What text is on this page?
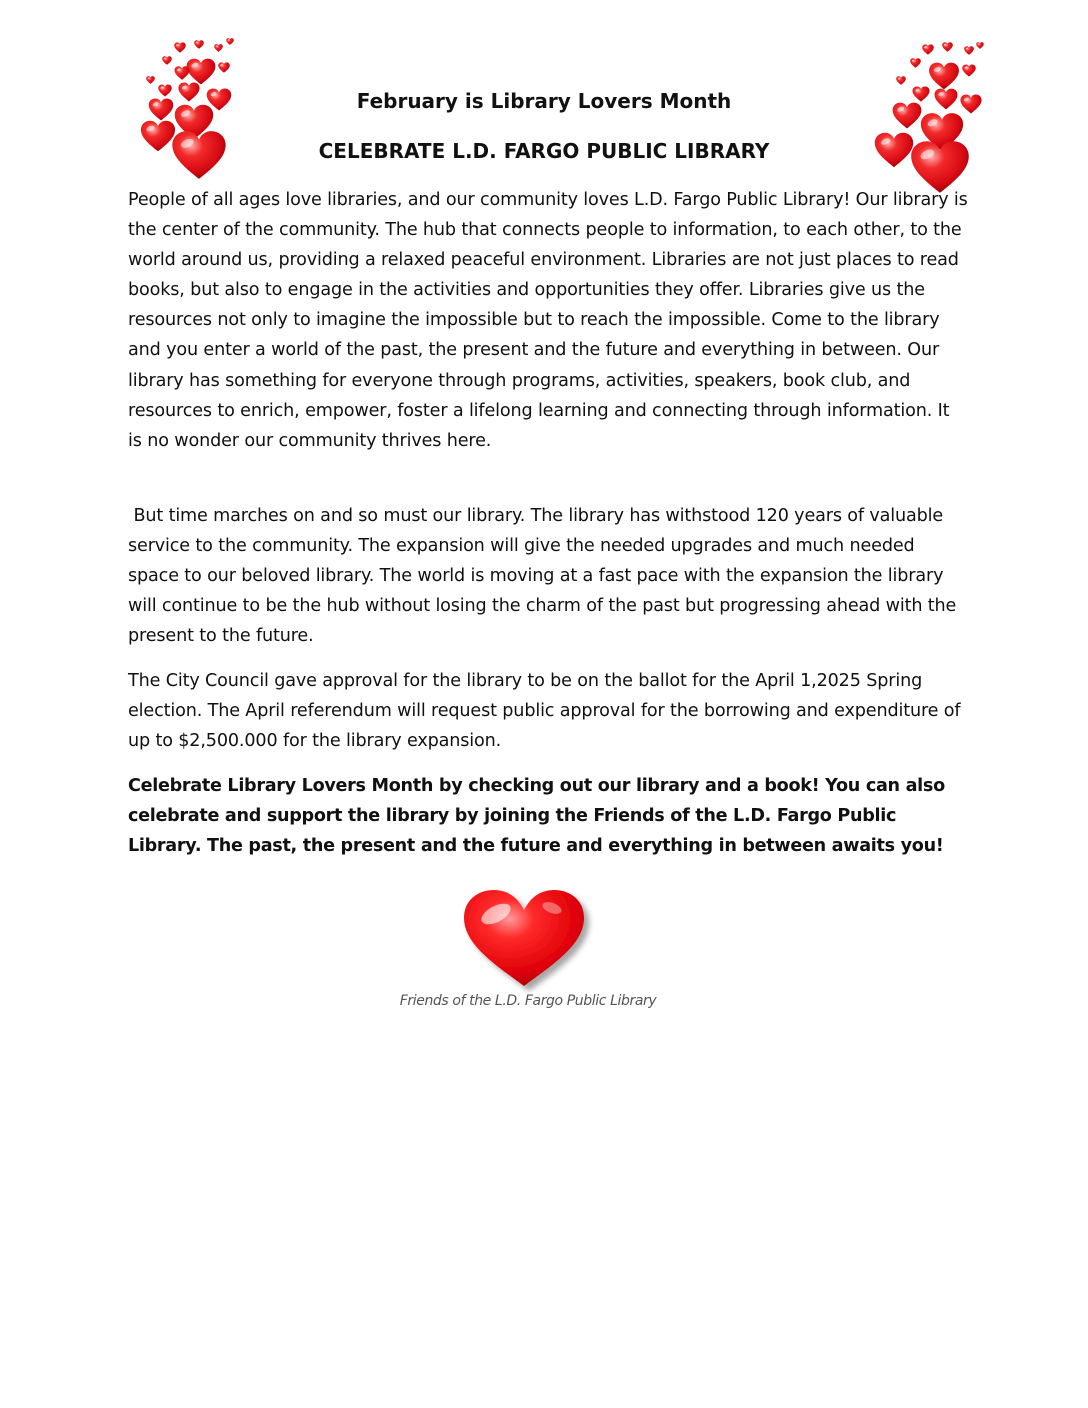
February is Library Lovers Month
CELEBRATE L.D. FARGO PUBLIC LIBRARY

People of all ages love libraries, and our community loves L.D. Fargo Public Library! Our library is the center of the community. The hub that connects people to information, to each other, to the world around us, providing a relaxed peaceful environment. Libraries are not just places to read books, but also to engage in the activities and opportunities they offer. Libraries give us the resources not only to imagine the impossible but to reach the impossible. Come to the library and you enter a world of the past, the present and the future and everything in between. Our library has something for everyone through programs, activities, speakers, book club, and resources to enrich, empower, foster a lifelong learning and connecting through information. It is no wonder our community thrives here.

But time marches on and so must our library. The library has withstood 120 years of valuable service to the community. The expansion will give the needed upgrades and much needed space to our beloved library. The world is moving at a fast pace with the expansion the library will continue to be the hub without losing the charm of the past but progressing ahead with the present to the future.

The City Council gave approval for the library to be on the ballot for the April 1,2025 Spring election. The April referendum will request public approval for the borrowing and expenditure of up to $2,500.000 for the library expansion.

Celebrate Library Lovers Month by checking out our library and a book! You can also celebrate and support the library by joining the Friends of the L.D. Fargo Public Library. The past, the present and the future and everything in between awaits you!

Friends of the L.D. Fargo Public Library
